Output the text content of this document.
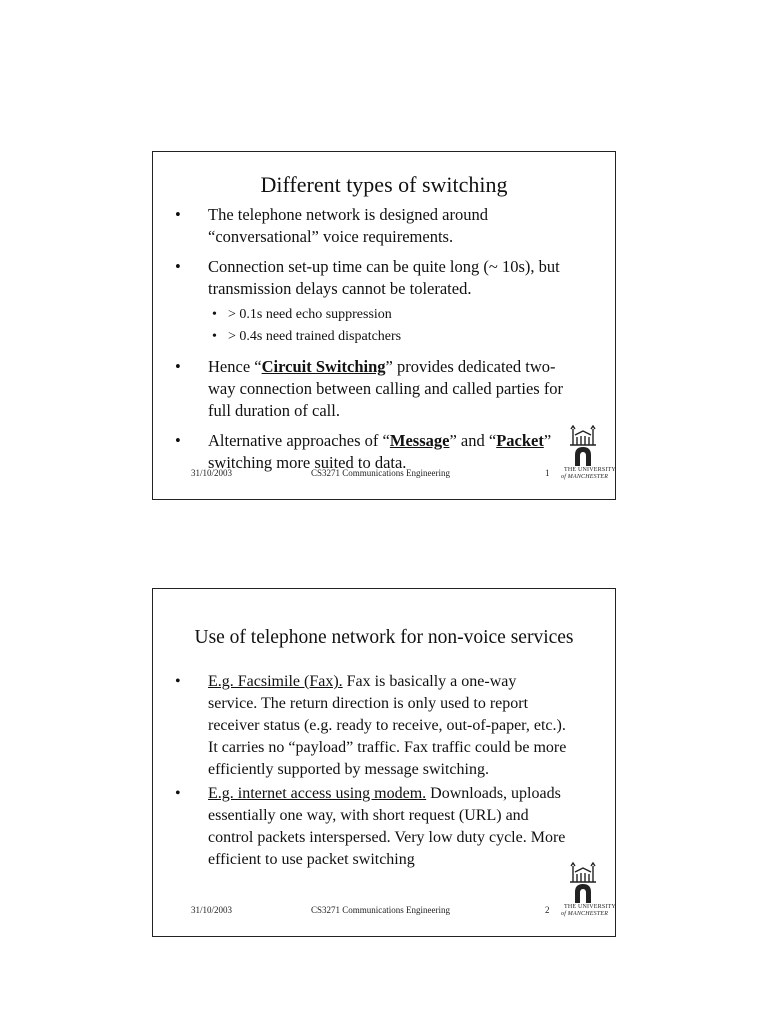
Different types of switching
• The telephone network is designed around “conversational” voice requirements.
• Connection set-up time can be quite long (~ 10s), but transmission delays cannot be tolerated.
• > 0.1s need echo suppression
• > 0.4s need trained dispatchers
• Hence “Circuit Switching” provides dedicated two-way connection between calling and called parties for full duration of call.
• Alternative approaches of “Message” and “Packet” switching more suited to data.	THE UNIVERSITY
of MANCHESTER
31/10/2003	CS3271 Communications Engineering	1
Use of telephone network for non-voice services
• E.g. Facsimile (Fax). Fax is basically a one-way service. The return direction is only used to report receiver status (e.g. ready to receive, out-of-paper, etc.). It carries no “payload” traffic. Fax traffic could be more efficiently supported by message switching.
• E.g. internet access using modem. Downloads, uploads essentially one way, with short request (URL) and control packets interspersed. Very low duty cycle. More efficient to use packet switching
THE UNIVERSITY
of MANCHESTER
31/10/2003	CS3271 Communications Engineering	2
